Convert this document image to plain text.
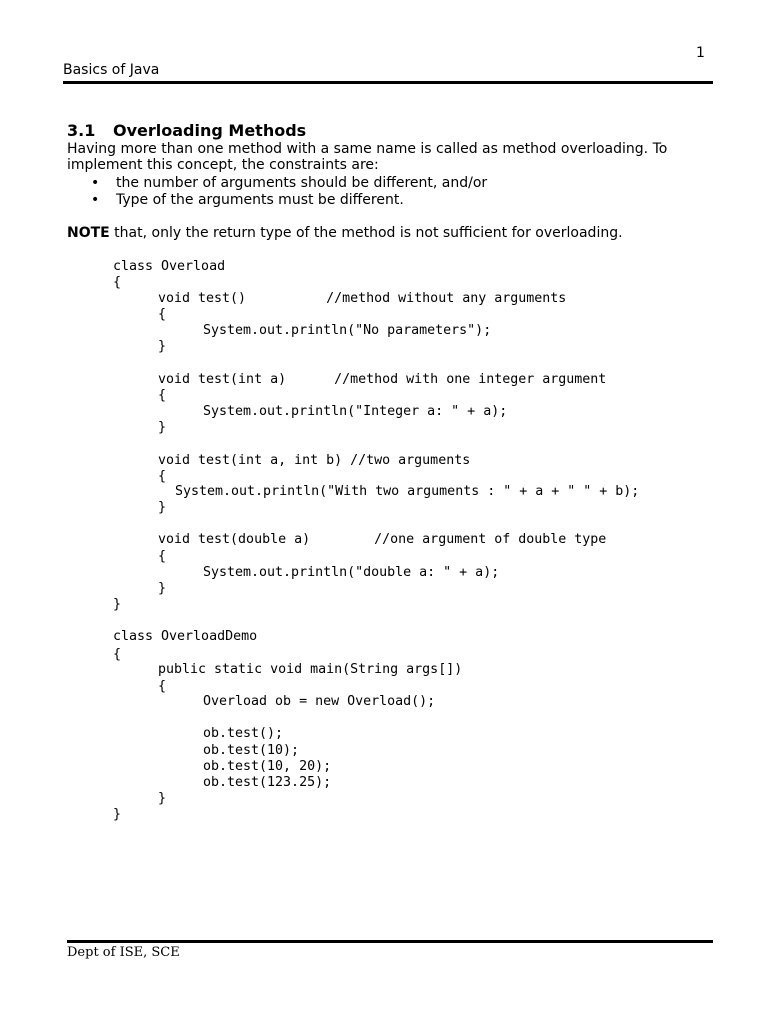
1
Basics of Java
3.1 Overloading Methods

Having more than one method with a same name is called as method overloading. To implement this concept, the constraints are:

• the number of arguments should be different, and/or
• Type of the arguments must be different.

NOTE that, only the return type of the method is not sufficient for overloading.

class Overload
{
void test()          //method without any arguments
{
System.out.println("No parameters");
}
void test(int a)      //method with one integer argument
{
System.out.println("Integer a: " + a);
}
void test(int a, int b) //two arguments
{
System.out.println("With two arguments : " + a + " " + b);
}
void test(double a)        //one argument of double type
{
System.out.println("double a: " + a);
}
}
class OverloadDemo
{
public static void main(String args[])
{
Overload ob = new Overload();
ob.test();
ob.test(10);
ob.test(10, 20);
ob.test(123.25);
}
}
Dept of ISE, SCE
